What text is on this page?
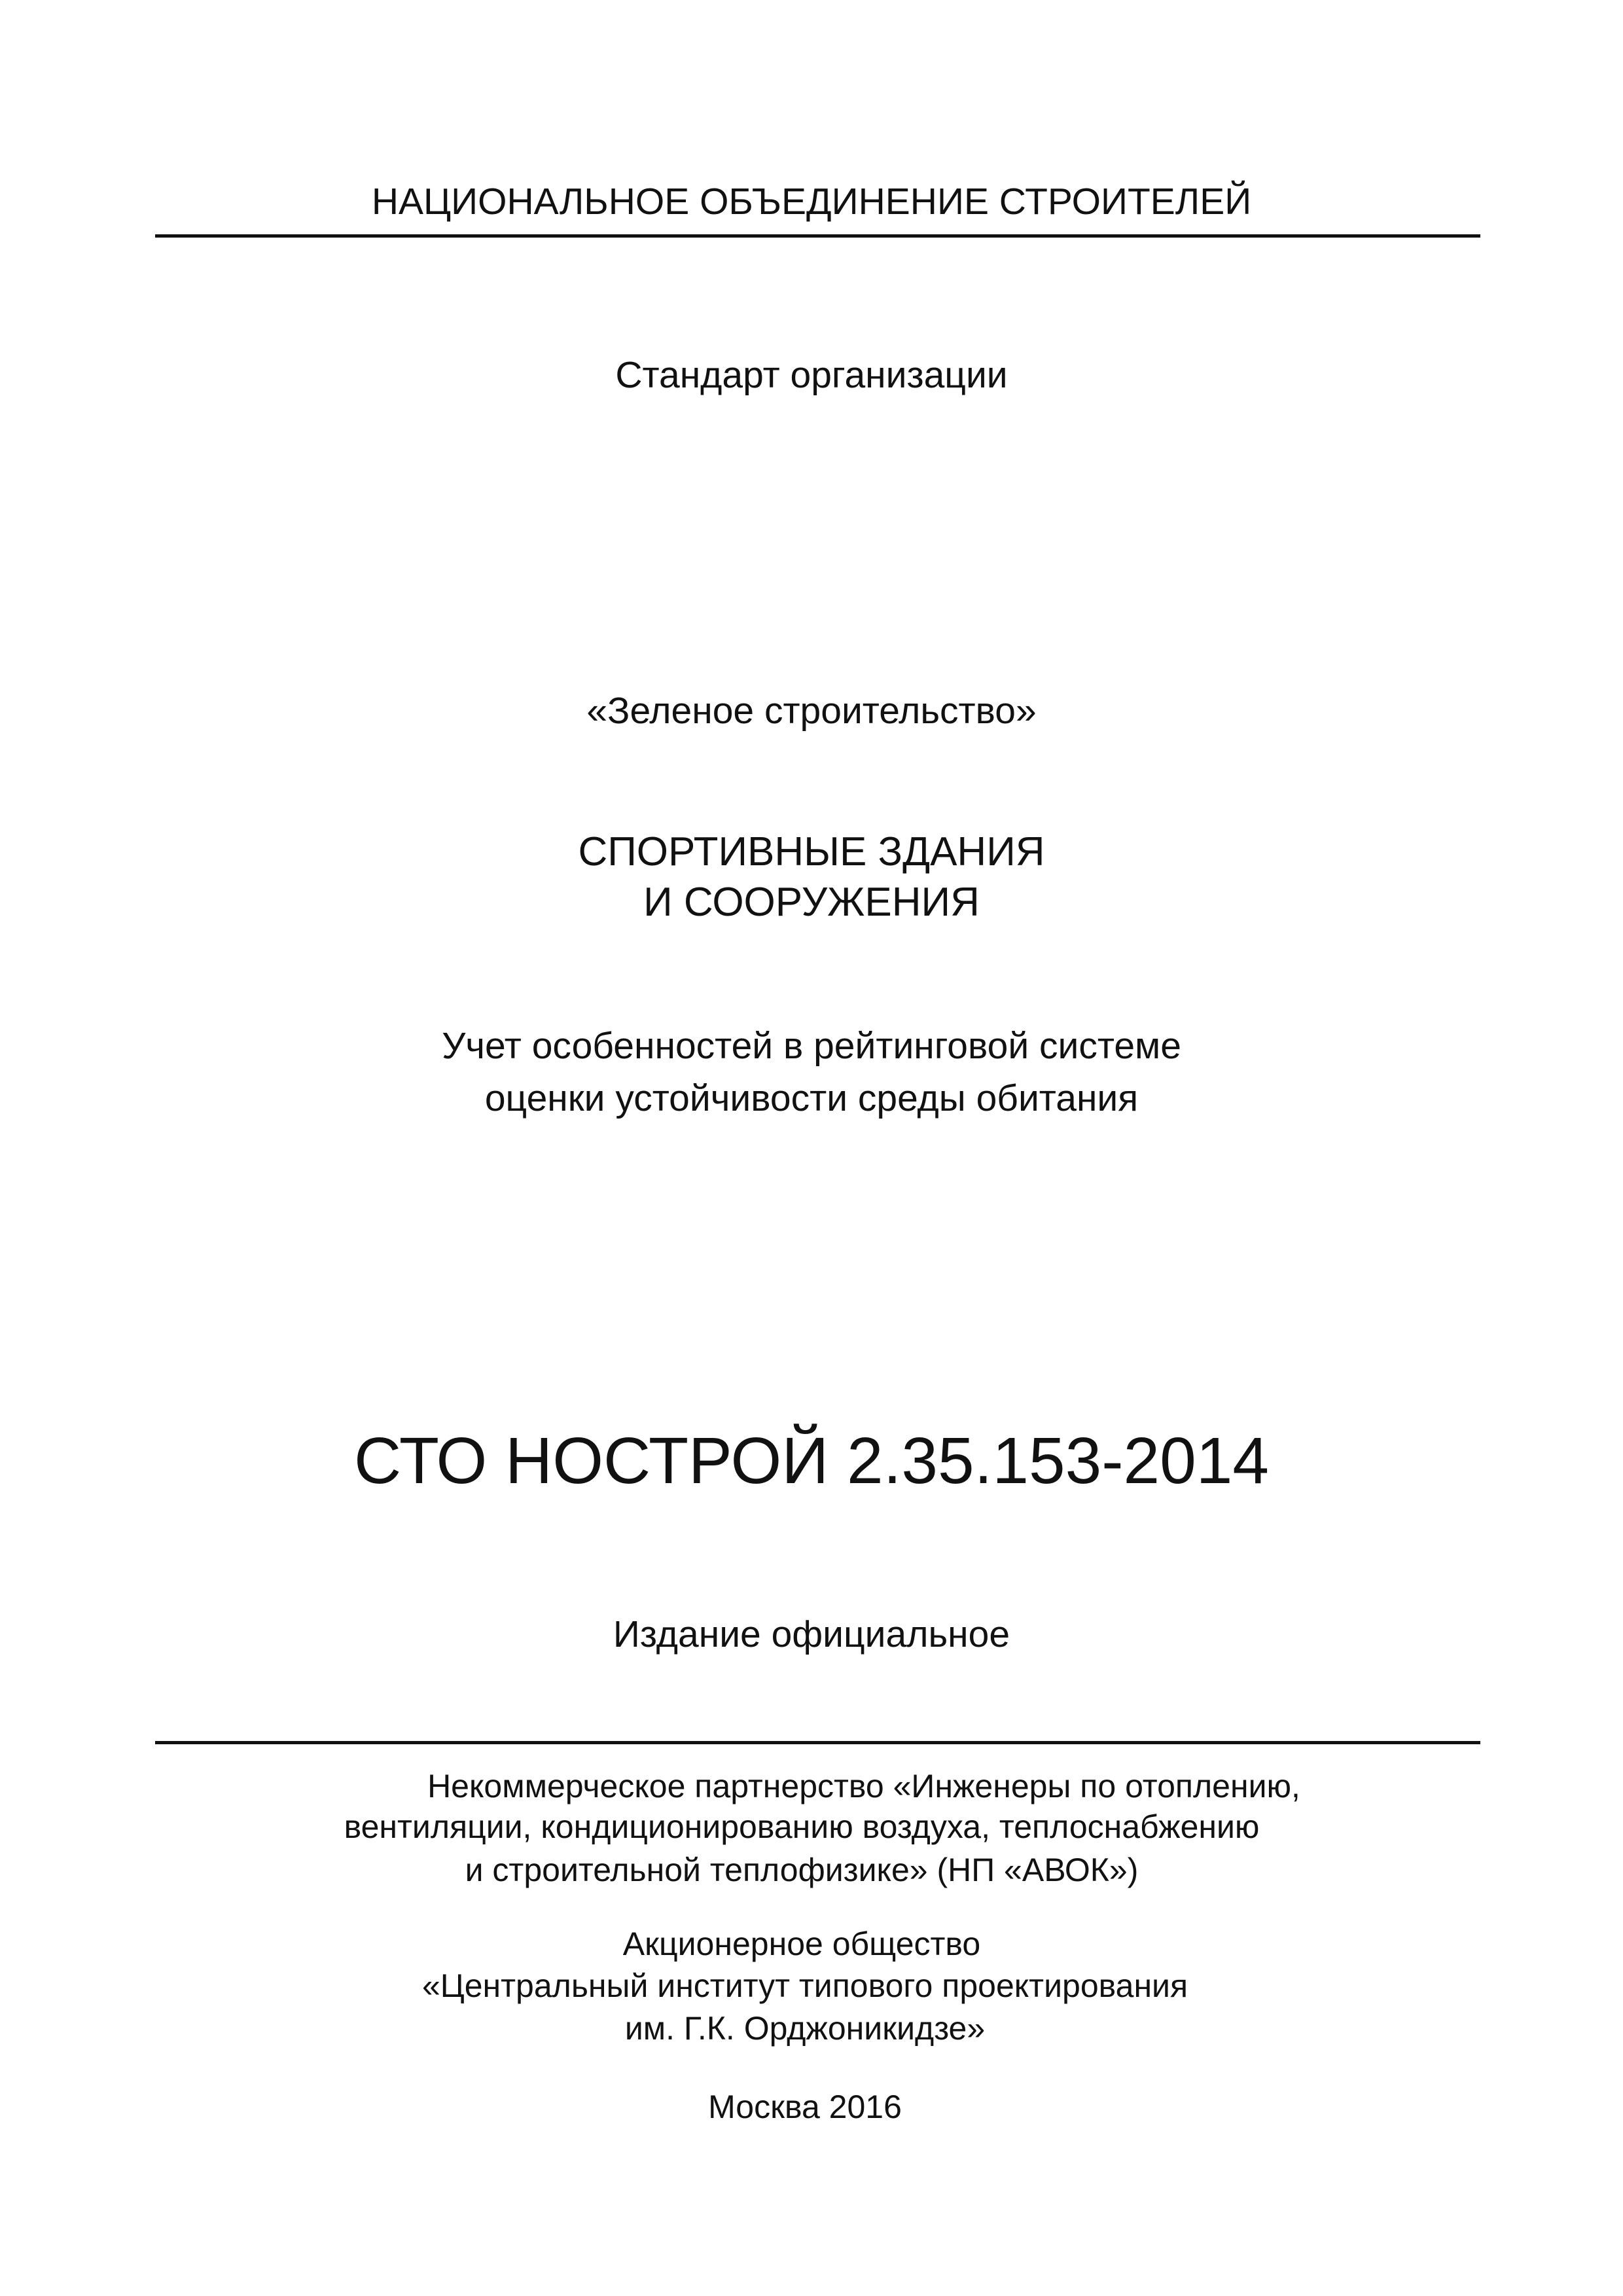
НАЦИОНАЛЬНОЕ ОБЪЕДИНЕНИЕ СТРОИТЕЛЕЙ
Стандарт организации
«Зеленое строительство»
СПОРТИВНЫЕ ЗДАНИЯ
И СООРУЖЕНИЯ
Учет особенностей в рейтинговой системе
оценки устойчивости среды обитания
СТО НОСТРОЙ 2.35.153-2014
Издание официальное
Некоммерческое партнерство «Инженеры по отоплению,
вентиляции, кондиционированию воздуха, теплоснабжению
и строительной теплофизике» (НП «АВОК»)
Акционерное общество
«Центральный институт типового проектирования
им. Г.К. Орджоникидзе»
Москва 2016
